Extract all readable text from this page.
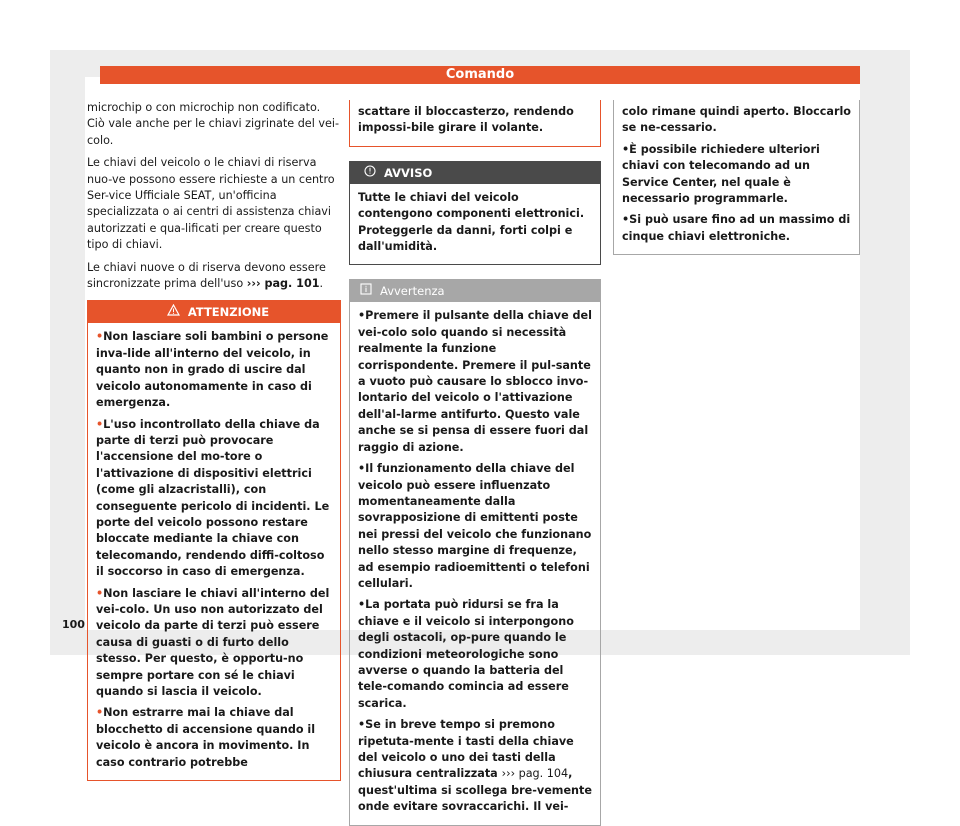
Comando

microchip o con microchip non codificato. Ciò vale anche per le chiavi zigrinate del vei-colo.

Le chiavi del veicolo o le chiavi di riserva nuo-ve possono essere richieste a un centro Ser-vice Ufficiale SEAT, un'officina specializzata o ai centri di assistenza chiavi autorizzati e qua-lificati per creare questo tipo di chiavi.

Le chiavi nuove o di riserva devono essere sincronizzate prima dell'uso ››› pag. 101.

ATTENZIONE

• Non lasciare soli bambini o persone inva-lide all'interno del veicolo, in quanto non in grado di uscire dal veicolo autonomamente in caso di emergenza.

• L'uso incontrollato della chiave da parte di terzi può provocare l'accensione del mo-tore o l'attivazione di dispositivi elettrici (come gli alzacristalli), con conseguente pericolo di incidenti. Le porte del veicolo possono restare bloccate mediante la chiave con telecomando, rendendo diffi-coltoso il soccorso in caso di emergenza.

• Non lasciare le chiavi all'interno del vei-colo. Un uso non autorizzato del veicolo da parte di terzi può essere causa di guasti o di furto dello stesso. Per questo, è opportu-no sempre portare con sé le chiavi quando si lascia il veicolo.

• Non estrarre mai la chiave dal blocchetto di accensione quando il veicolo è ancora in movimento. In caso contrario potrebbe

scattare il bloccasterzo, rendendo impossi-bile girare il volante.

AVVISO

Tutte le chiavi del veicolo contengono componenti elettronici. Proteggerle da danni, forti colpi e dall'umidità.

Avvertenza

• Premere il pulsante della chiave del vei-colo solo quando si necessità realmente la funzione corrispondente. Premere il pul-sante a vuoto può causare lo sblocco invo-lontario del veicolo o l'attivazione dell'al-larme antifurto. Questo vale anche se si pensa di essere fuori dal raggio di azione.

• Il funzionamento della chiave del veicolo può essere influenzato momentaneamente dalla sovrapposizione di emittenti poste nei pressi del veicolo che funzionano nello stesso margine di frequenze, ad esempio radioemittenti o telefoni cellulari.

• La portata può ridursi se fra la chiave e il veicolo si interpongono degli ostacoli, op-pure quando le condizioni meteorologiche sono avverse o quando la batteria del tele-comando comincia ad essere scarica.

• Se in breve tempo si premono ripetuta-mente i tasti della chiave del veicolo o uno dei tasti della chiusura centralizzata ››› pag. 104, quest'ultima si scollega bre-vemente onde evitare sovraccarichi. Il vei-

colo rimane quindi aperto. Bloccarlo se ne-cessario.

• È possibile richiedere ulteriori chiavi con telecomando ad un Service Center, nel quale è necessario programmarle.

• Si può usare fino ad un massimo di cinque chiavi elettroniche.

100
